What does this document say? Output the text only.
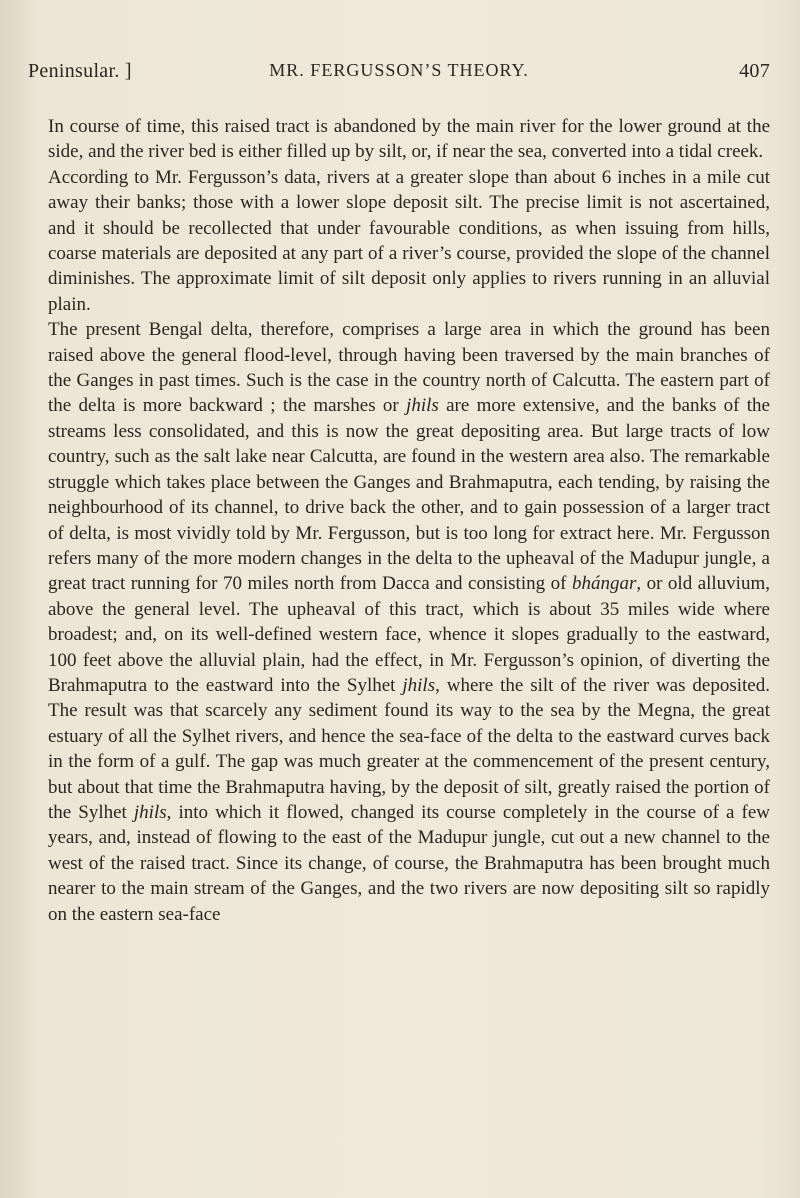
Peninsular. ]	MR. FERGUSSON’S THEORY.	407

In course of time, this raised tract is abandoned by the main river for the lower ground at the side, and the river bed is either filled up by silt, or, if near the sea, converted into a tidal creek.

According to Mr. Fergusson’s data, rivers at a greater slope than about 6 inches in a mile cut away their banks; those with a lower slope deposit silt. The precise limit is not ascertained, and it should be recollected that under favourable conditions, as when issuing from hills, coarse materials are deposited at any part of a river’s course, provided the slope of the channel diminishes. The approximate limit of silt deposit only applies to rivers running in an alluvial plain.

The present Bengal delta, therefore, comprises a large area in which the ground has been raised above the general flood-level, through having been traversed by the main branches of the Ganges in past times. Such is the case in the country north of Calcutta. The eastern part of the delta is more backward ; the marshes or jhils are more extensive, and the banks of the streams less consolidated, and this is now the great depositing area. But large tracts of low country, such as the salt lake near Calcutta, are found in the western area also. The remarkable struggle which takes place between the Ganges and Brahmaputra, each tending, by raising the neighbourhood of its channel, to drive back the other, and to gain possession of a larger tract of delta, is most vividly told by Mr. Fergusson, but is too long for extract here. Mr. Fergusson refers many of the more modern changes in the delta to the upheaval of the Madupur jungle, a great tract running for 70 miles north from Dacca and consisting of bhángar, or old alluvium, above the general level. The upheaval of this tract, which is about 35 miles wide where broadest; and, on its well-defined western face, whence it slopes gradually to the eastward, 100 feet above the alluvial plain, had the effect, in Mr. Fergusson’s opinion, of diverting the Brahmaputra to the eastward into the Sylhet jhils, where the silt of the river was deposited. The result was that scarcely any sediment found its way to the sea by the Megna, the great estuary of all the Sylhet rivers, and hence the sea-face of the delta to the eastward curves back in the form of a gulf. The gap was much greater at the commencement of the present century, but about that time the Brahmaputra having, by the deposit of silt, greatly raised the portion of the Sylhet jhils, into which it flowed, changed its course completely in the course of a few years, and, instead of flowing to the east of the Madupur jungle, cut out a new channel to the west of the raised tract. Since its change, of course, the Brahmaputra has been brought much nearer to the main stream of the Ganges, and the two rivers are now depositing silt so rapidly on the eastern sea-face
